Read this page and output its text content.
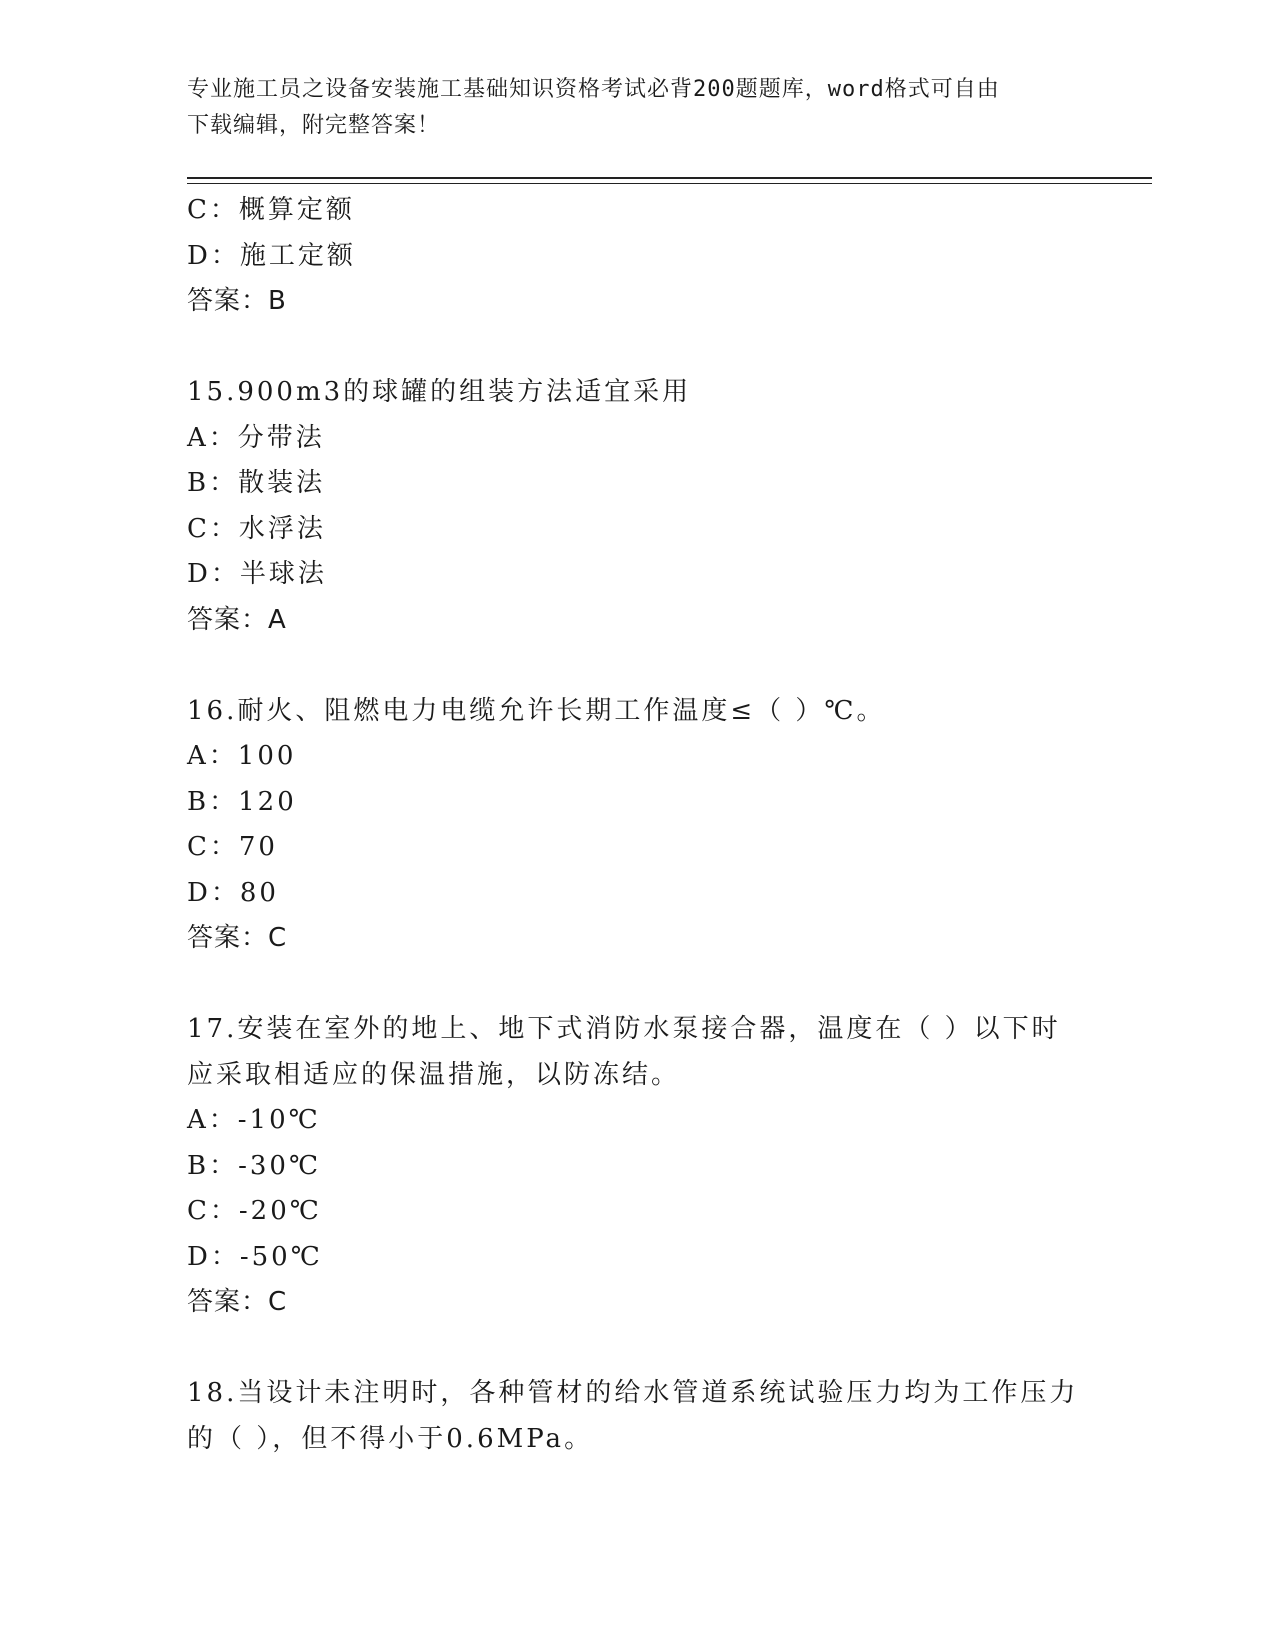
专业施工员之设备安装施工基础知识资格考试必背200题题库，word格式可自由
下载编辑，附完整答案！
C：概算定额
D：施工定额
答案：B
15.900m3的球罐的组装方法适宜采用
A：分带法
B：散装法
C：水浮法
D：半球法
答案：A
16.耐火、阻燃电力电缆允许长期工作温度≤（ ）℃。
A：100
B：120
C：70
D：80
答案：C
17.安装在室外的地上、地下式消防水泵接合器，温度在（ ）以下时
应采取相适应的保温措施，以防冻结。
A：-10℃
B：-30℃
C：-20℃
D：-50℃
答案：C
18.当设计未注明时，各种管材的给水管道系统试验压力均为工作压力
的（ ），但不得小于0.6MPa。
